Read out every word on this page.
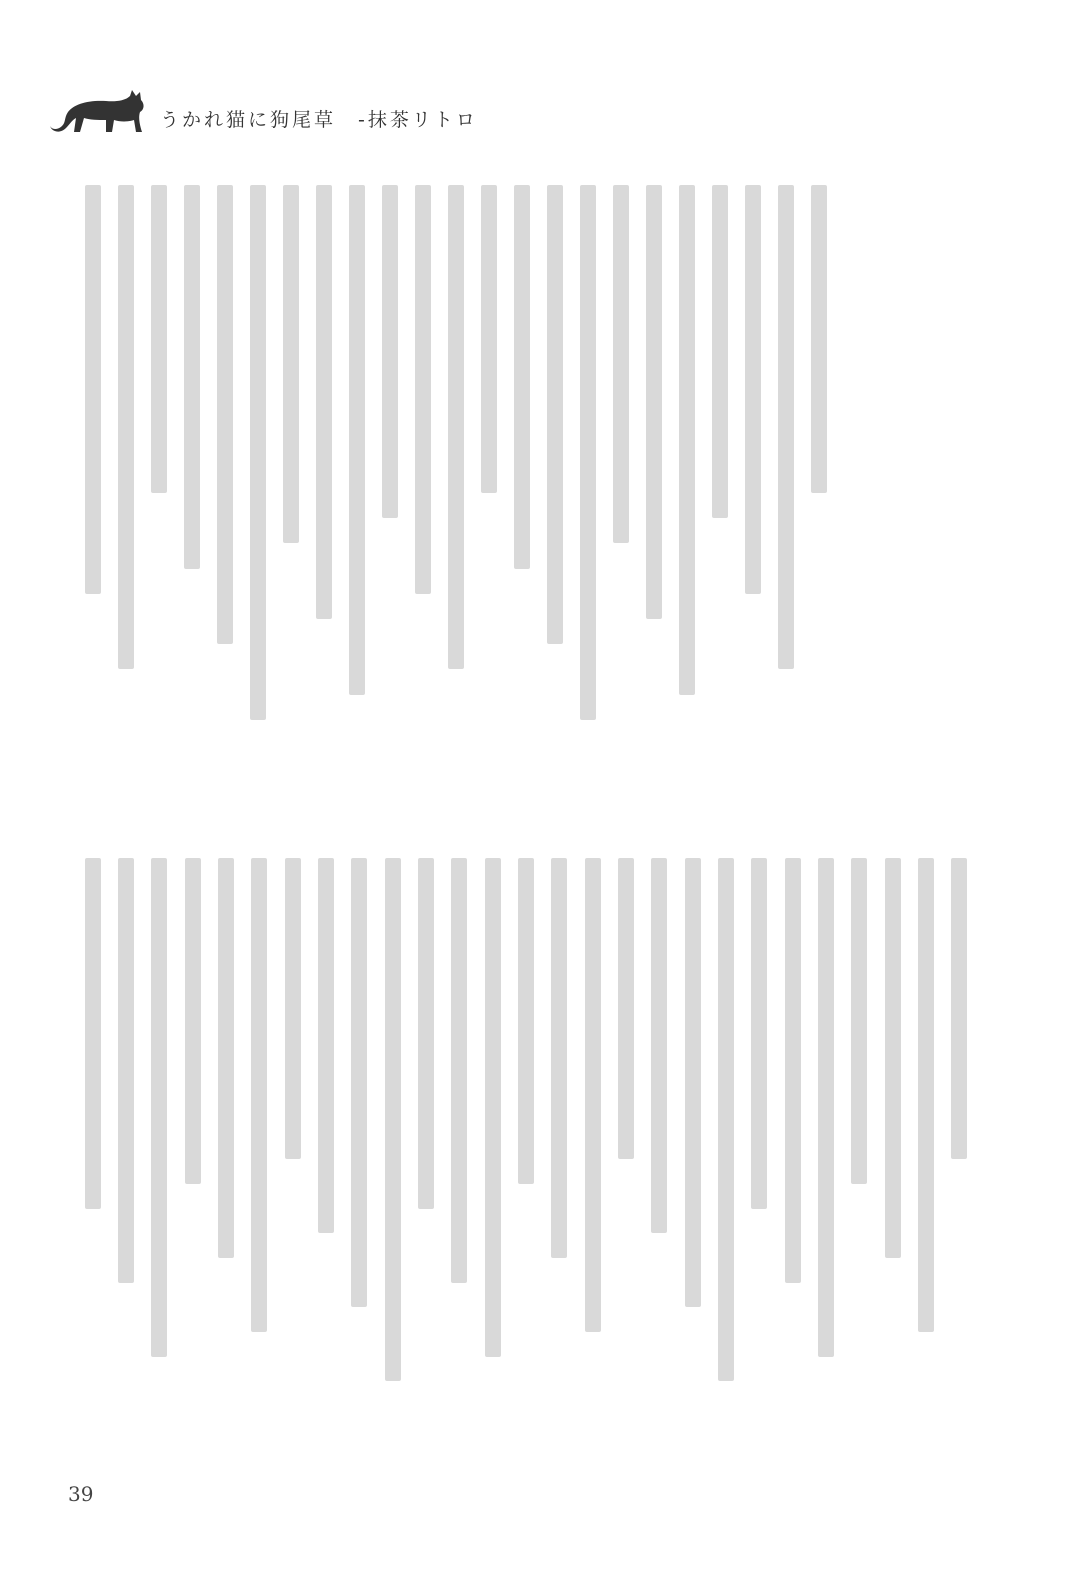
うかれ猫に狗尾草　-抹茶リトロ
39
